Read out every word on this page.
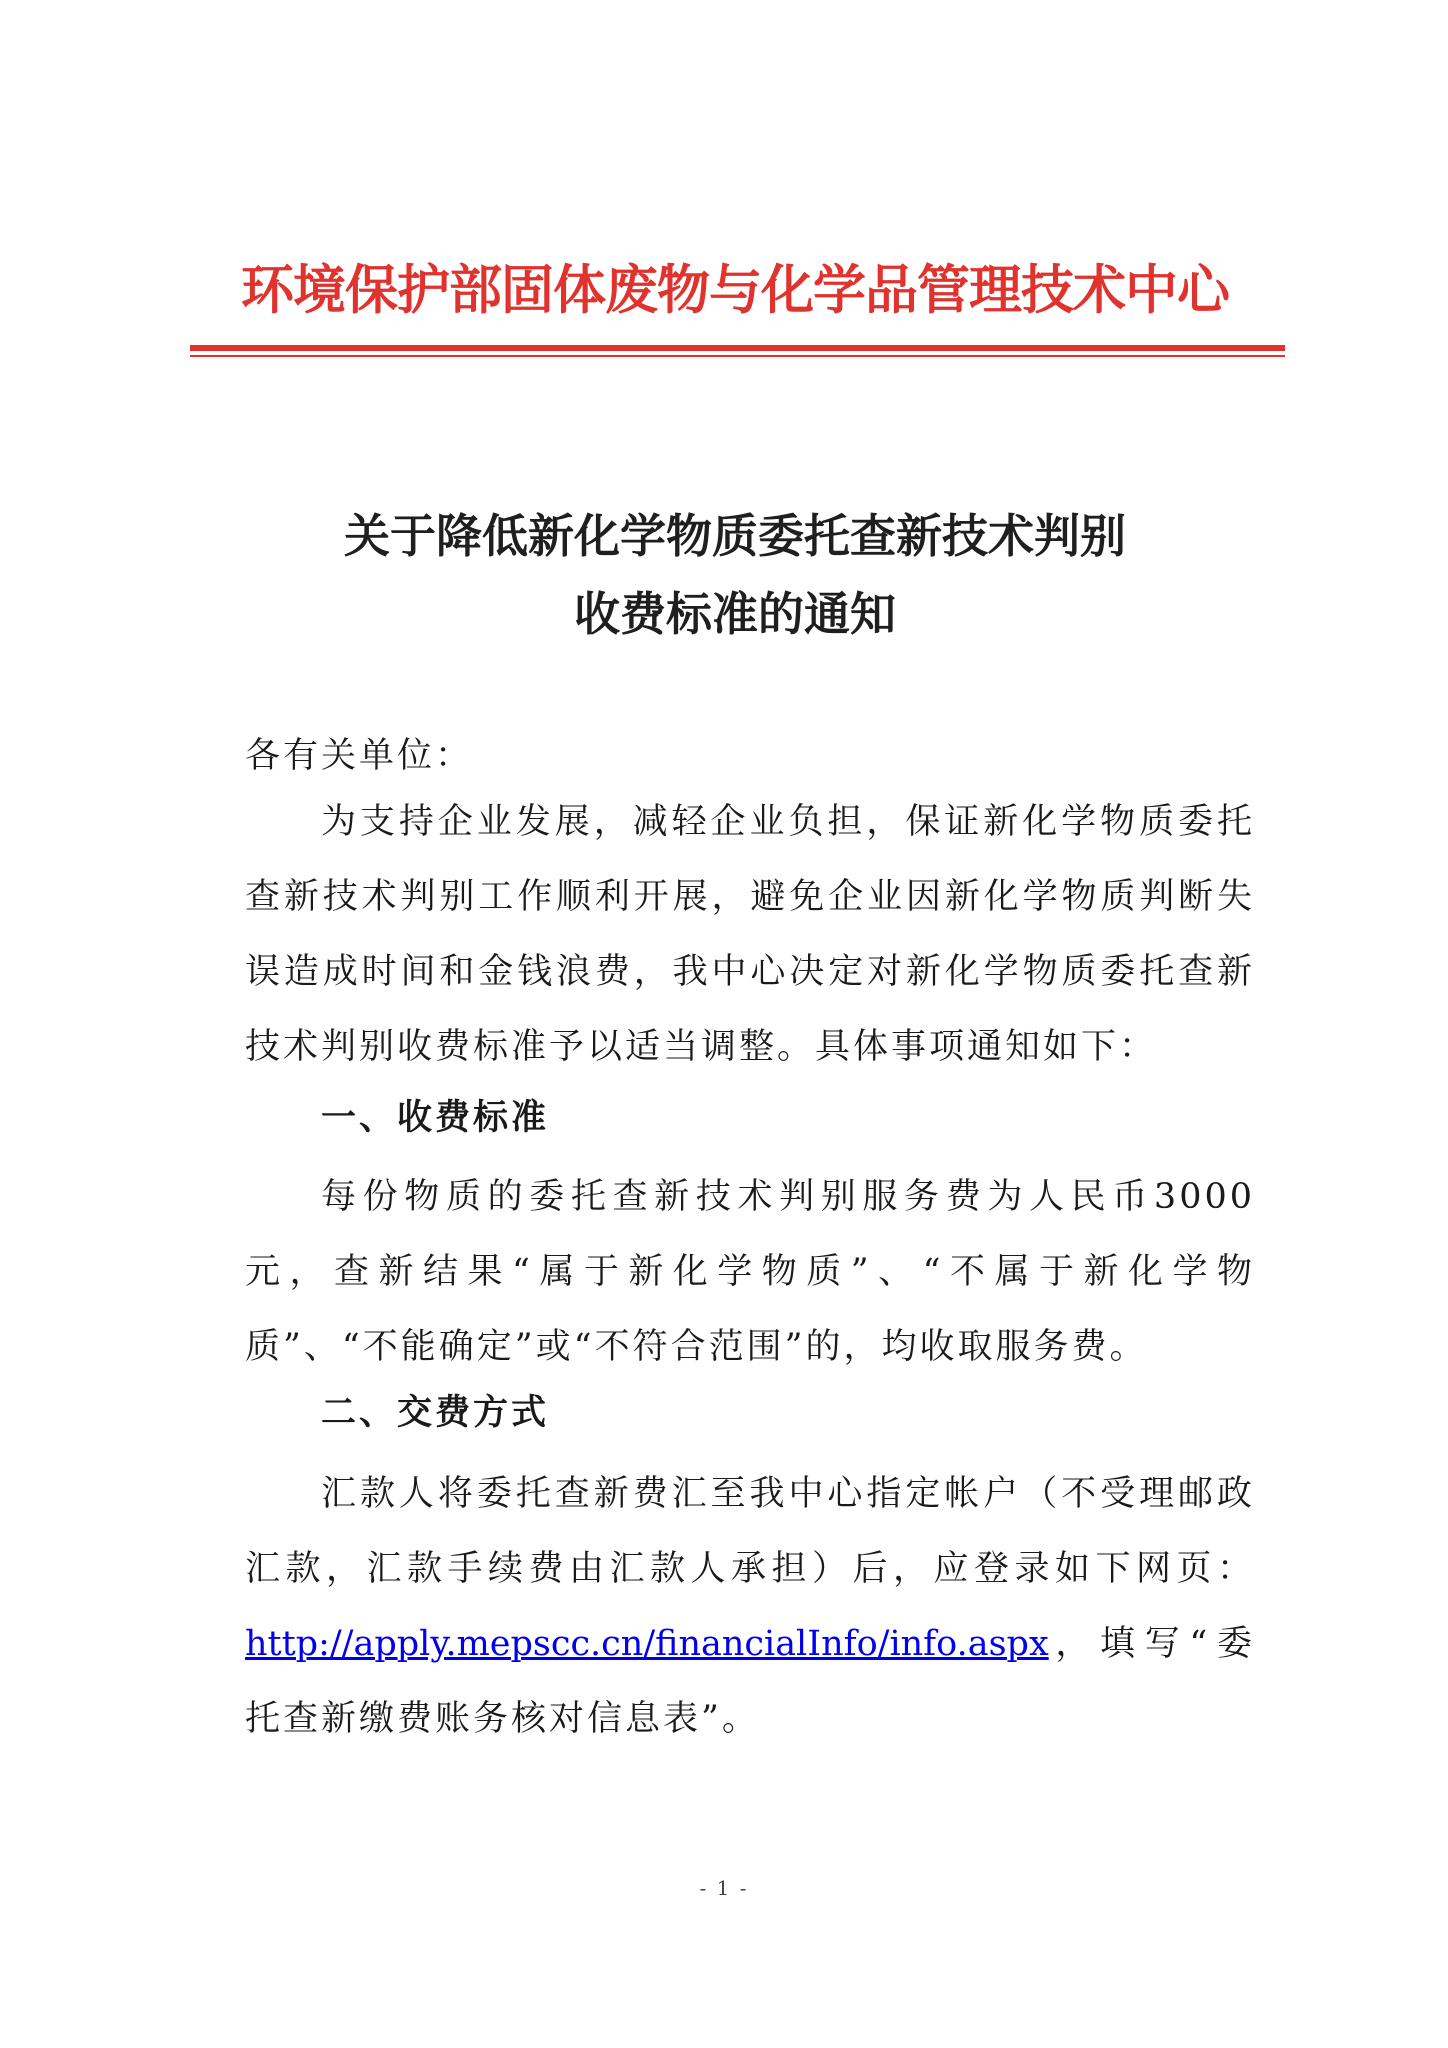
环境保护部固体废物与化学品管理技术中心
关于降低新化学物质委托查新技术判别
收费标准的通知
各有关单位：
为支持企业发展，减轻企业负担，保证新化学物质委托查新技术判别工作顺利开展，避免企业因新化学物质判断失误造成时间和金钱浪费，我中心决定对新化学物质委托查新技术判别收费标准予以适当调整。具体事项通知如下：
一、收费标准
每份物质的委托查新技术判别服务费为人民币3000元，查新结果“属于新化学物质”、“不属于新化学物质”、“不能确定”或“不符合范围”的，均收取服务费。
二、交费方式
汇款人将委托查新费汇至我中心指定帐户（不受理邮政汇款，汇款手续费由汇款人承担）后，应登录如下网页：http://apply.mepscc.cn/financialInfo/info.aspx，填写“委托查新缴费账务核对信息表”。
- 1 -
